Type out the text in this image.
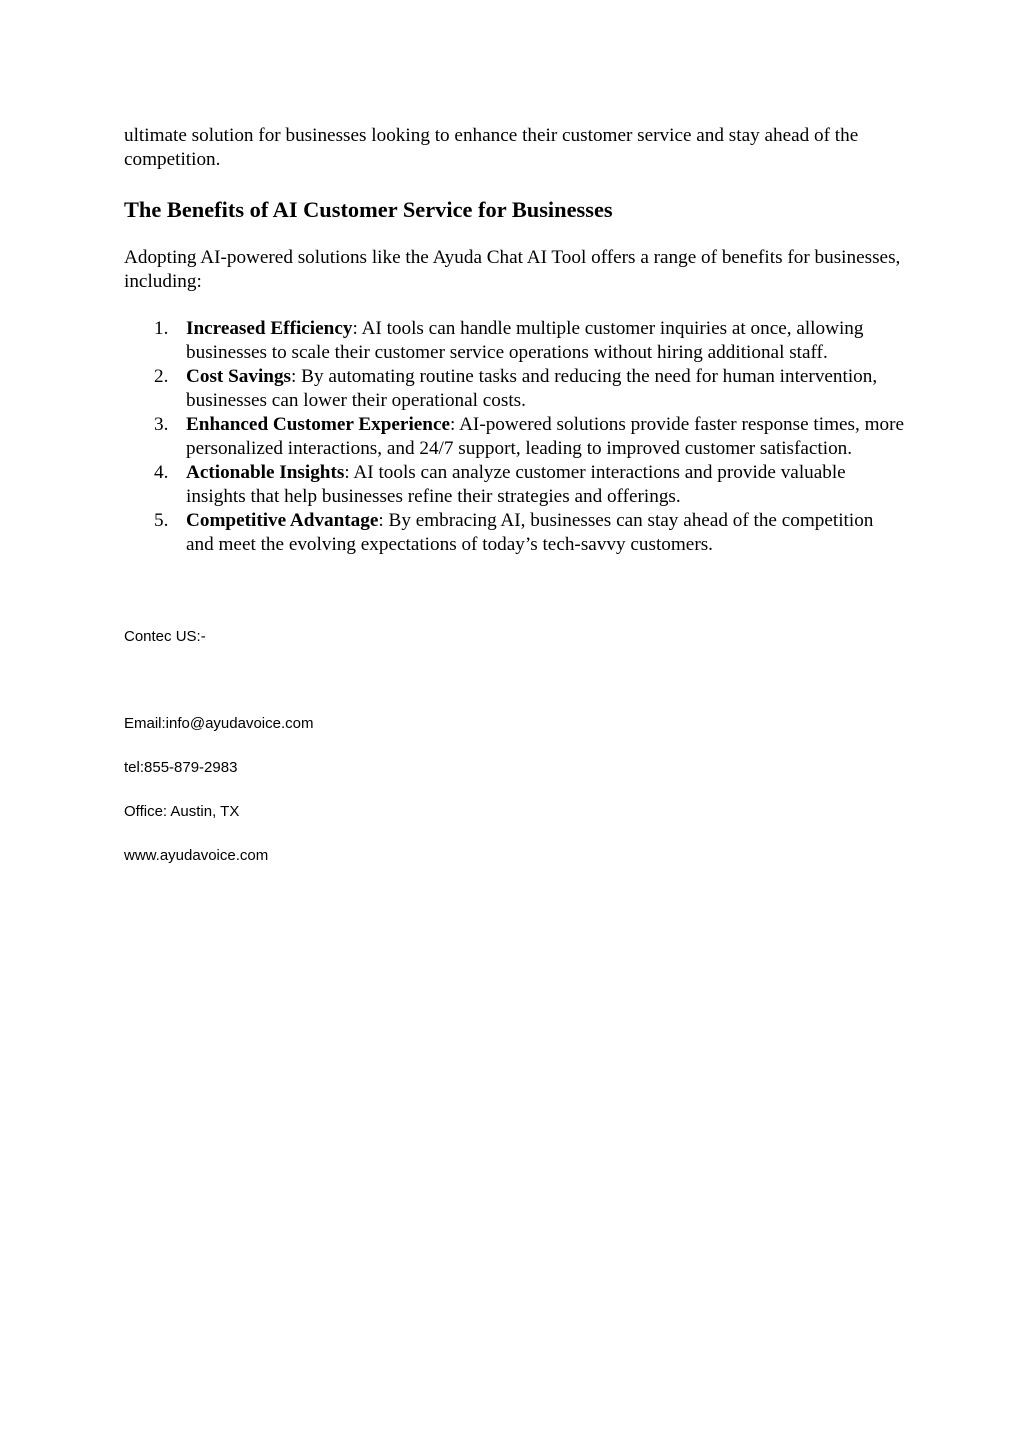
ultimate solution for businesses looking to enhance their customer service and stay ahead of the competition.

The Benefits of AI Customer Service for Businesses

Adopting AI-powered solutions like the Ayuda Chat AI Tool offers a range of benefits for businesses, including:

1. Increased Efficiency: AI tools can handle multiple customer inquiries at once, allowing businesses to scale their customer service operations without hiring additional staff.
2. Cost Savings: By automating routine tasks and reducing the need for human intervention, businesses can lower their operational costs.
3. Enhanced Customer Experience: AI-powered solutions provide faster response times, more personalized interactions, and 24/7 support, leading to improved customer satisfaction.
4. Actionable Insights: AI tools can analyze customer interactions and provide valuable insights that help businesses refine their strategies and offerings.
5. Competitive Advantage: By embracing AI, businesses can stay ahead of the competition and meet the evolving expectations of today’s tech-savvy customers.

Contec US:-

Email:info@ayudavoice.com

tel:855-879-2983

Office: Austin, TX

www.ayudavoice.com
